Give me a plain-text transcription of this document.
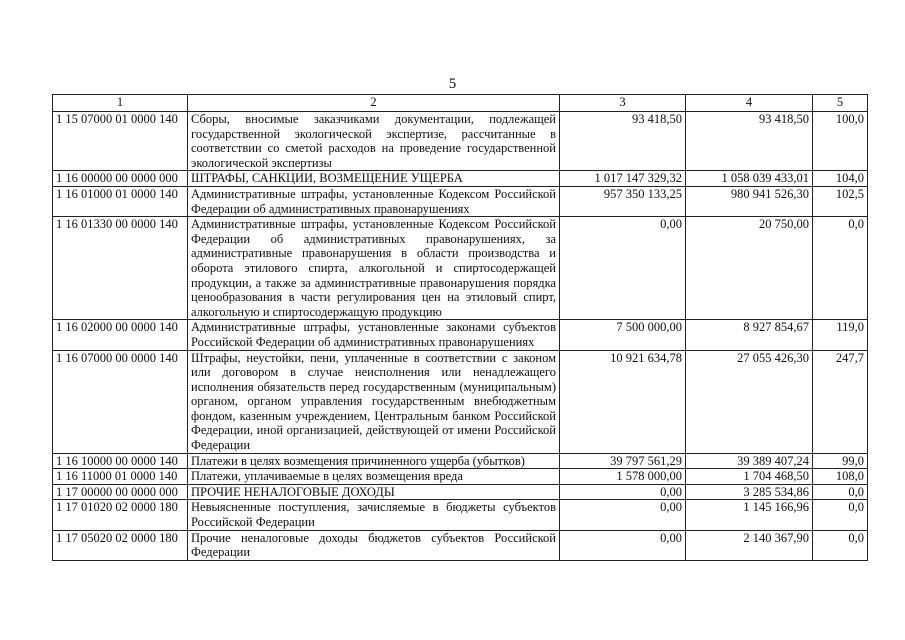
5
1	2	3	4	5
1 15 07000 01 0000 140	Сборы, вносимые заказчиками документации, подлежащей государственной экологической экспертизе, рассчитанные в соответствии со сметой расходов на проведение государственной экологической экспертизы	93 418,50	93 418,50	100,0
1 16 00000 00 0000 000	ШТРАФЫ, САНКЦИИ, ВОЗМЕЩЕНИЕ УЩЕРБА	1 017 147 329,32	1 058 039 433,01	104,0
1 16 01000 01 0000 140	Административные штрафы, установленные Кодексом Российской Федерации об административных правонарушениях	957 350 133,25	980 941 526,30	102,5
1 16 01330 00 0000 140	Административные штрафы, установленные Кодексом Российской Федерации об административных правонарушениях, за административные правонарушения в области производства и оборота этилового спирта, алкогольной и спиртосодержащей продукции, а также за административные правонарушения порядка ценообразования в части регулирования цен на этиловый спирт, алкогольную и спиртосодержащую продукцию	0,00	20 750,00	0,0
1 16 02000 00 0000 140	Административные штрафы, установленные законами субъектов Российской Федерации об административных правонарушениях	7 500 000,00	8 927 854,67	119,0
1 16 07000 00 0000 140	Штрафы, неустойки, пени, уплаченные в соответствии с законом или договором в случае неисполнения или ненадлежащего исполнения обязательств перед государственным (муниципальным) органом, органом управления государственным внебюджетным фондом, казенным учреждением, Центральным банком Российской Федерации, иной организацией, действующей от имени Российской Федерации	10 921 634,78	27 055 426,30	247,7
1 16 10000 00 0000 140	Платежи в целях возмещения причиненного ущерба (убытков)	39 797 561,29	39 389 407,24	99,0
1 16 11000 01 0000 140	Платежи, уплачиваемые в целях возмещения вреда	1 578 000,00	1 704 468,50	108,0
1 17 00000 00 0000 000	ПРОЧИЕ НЕНАЛОГОВЫЕ ДОХОДЫ	0,00	3 285 534,86	0,0
1 17 01020 02 0000 180	Невыясненные поступления, зачисляемые в бюджеты субъектов Российской Федерации	0,00	1 145 166,96	0,0
1 17 05020 02 0000 180	Прочие неналоговые доходы бюджетов субъектов Российской Федерации	0,00	2 140 367,90	0,0
